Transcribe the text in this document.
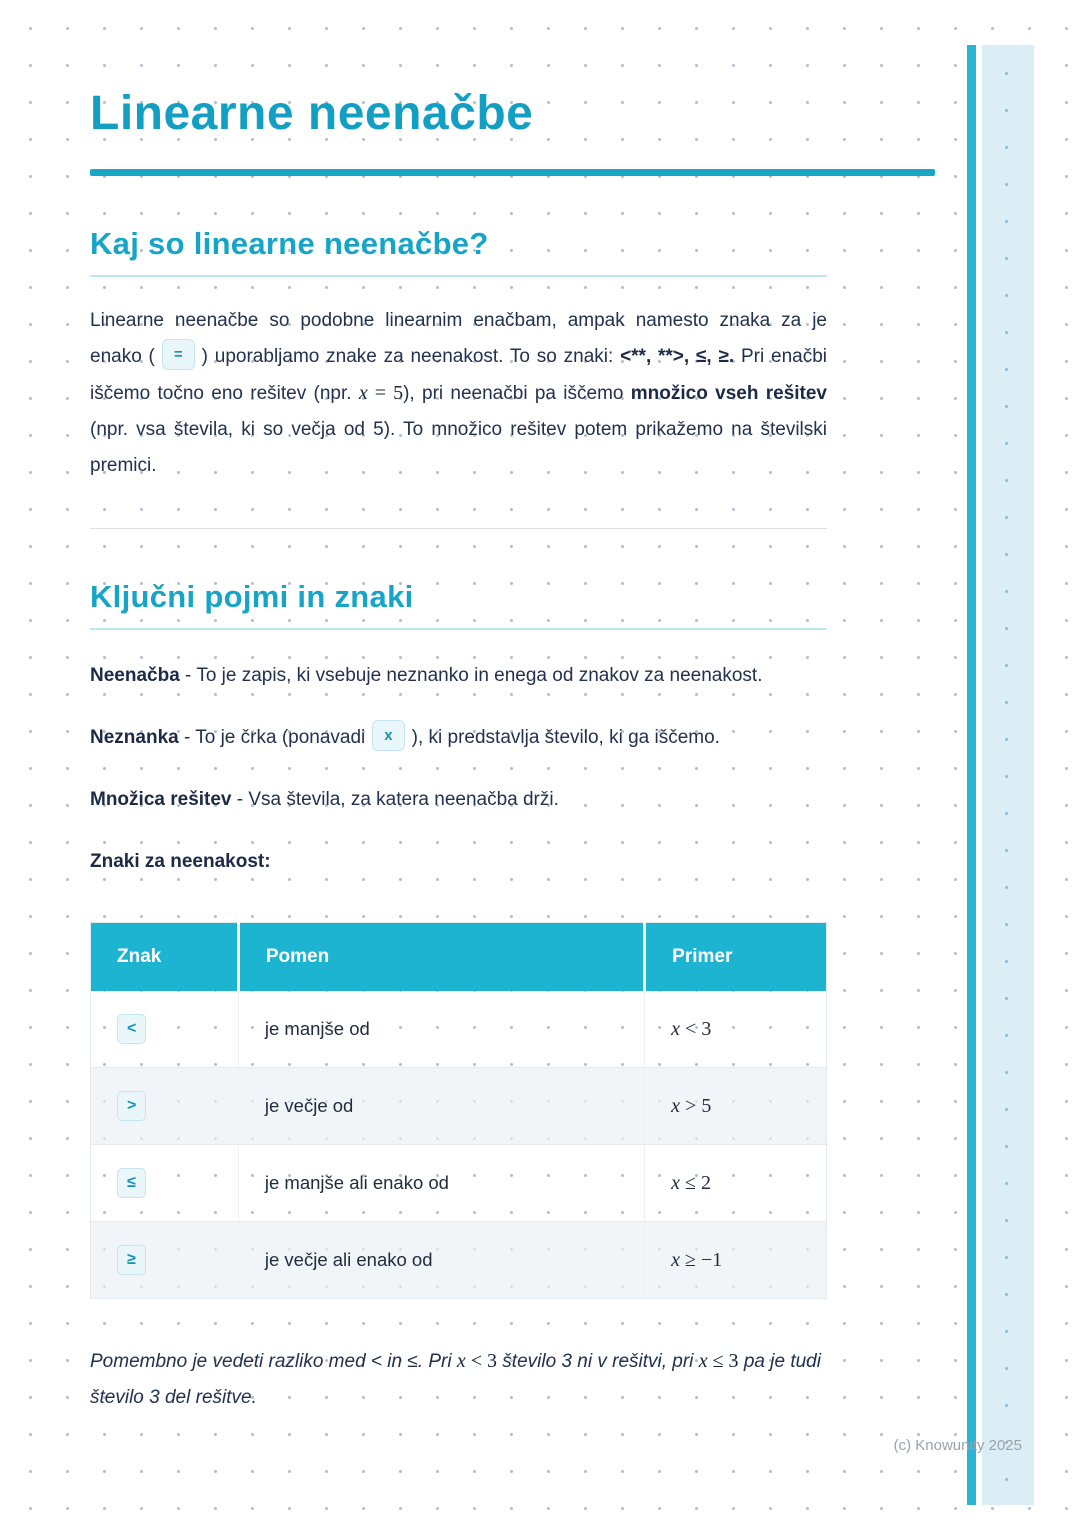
Linearne neenačbe
Kaj so linearne neenačbe?

Linearne neenačbe so podobne linearnim enačbam, ampak namesto znaka za je enako ( = ) uporabljamo znake za neenakost. To so znaki: <**, **>, ≤, ≥. Pri enačbi iščemo točno eno rešitev (npr. x = 5), pri neenačbi pa iščemo množico vseh rešitev (npr. vsa števila, ki so večja od 5). To množico rešitev potem prikažemo na številski premici.

Ključni pojmi in znaki

Neenačba - To je zapis, ki vsebuje neznanko in enega od znakov za neenakost.

Neznanka - To je črka (ponavadi x ), ki predstavlja število, ki ga iščemo.

Množica rešitev - Vsa števila, za katera neenačba drži.

Znaki za neenakost:

Znak	Pomen	Primer
<	je manjše od	x < 3
>	je večje od	x > 5
≤	je manjše ali enako od	x ≤ 2
≥	je večje ali enako od	x ≥ −1

Pomembno je vedeti razliko med < in ≤. Pri x < 3 število 3 ni v rešitvi, pri x ≤ 3 pa je tudi število 3 del rešitve.

(c) Knowunity 2025
